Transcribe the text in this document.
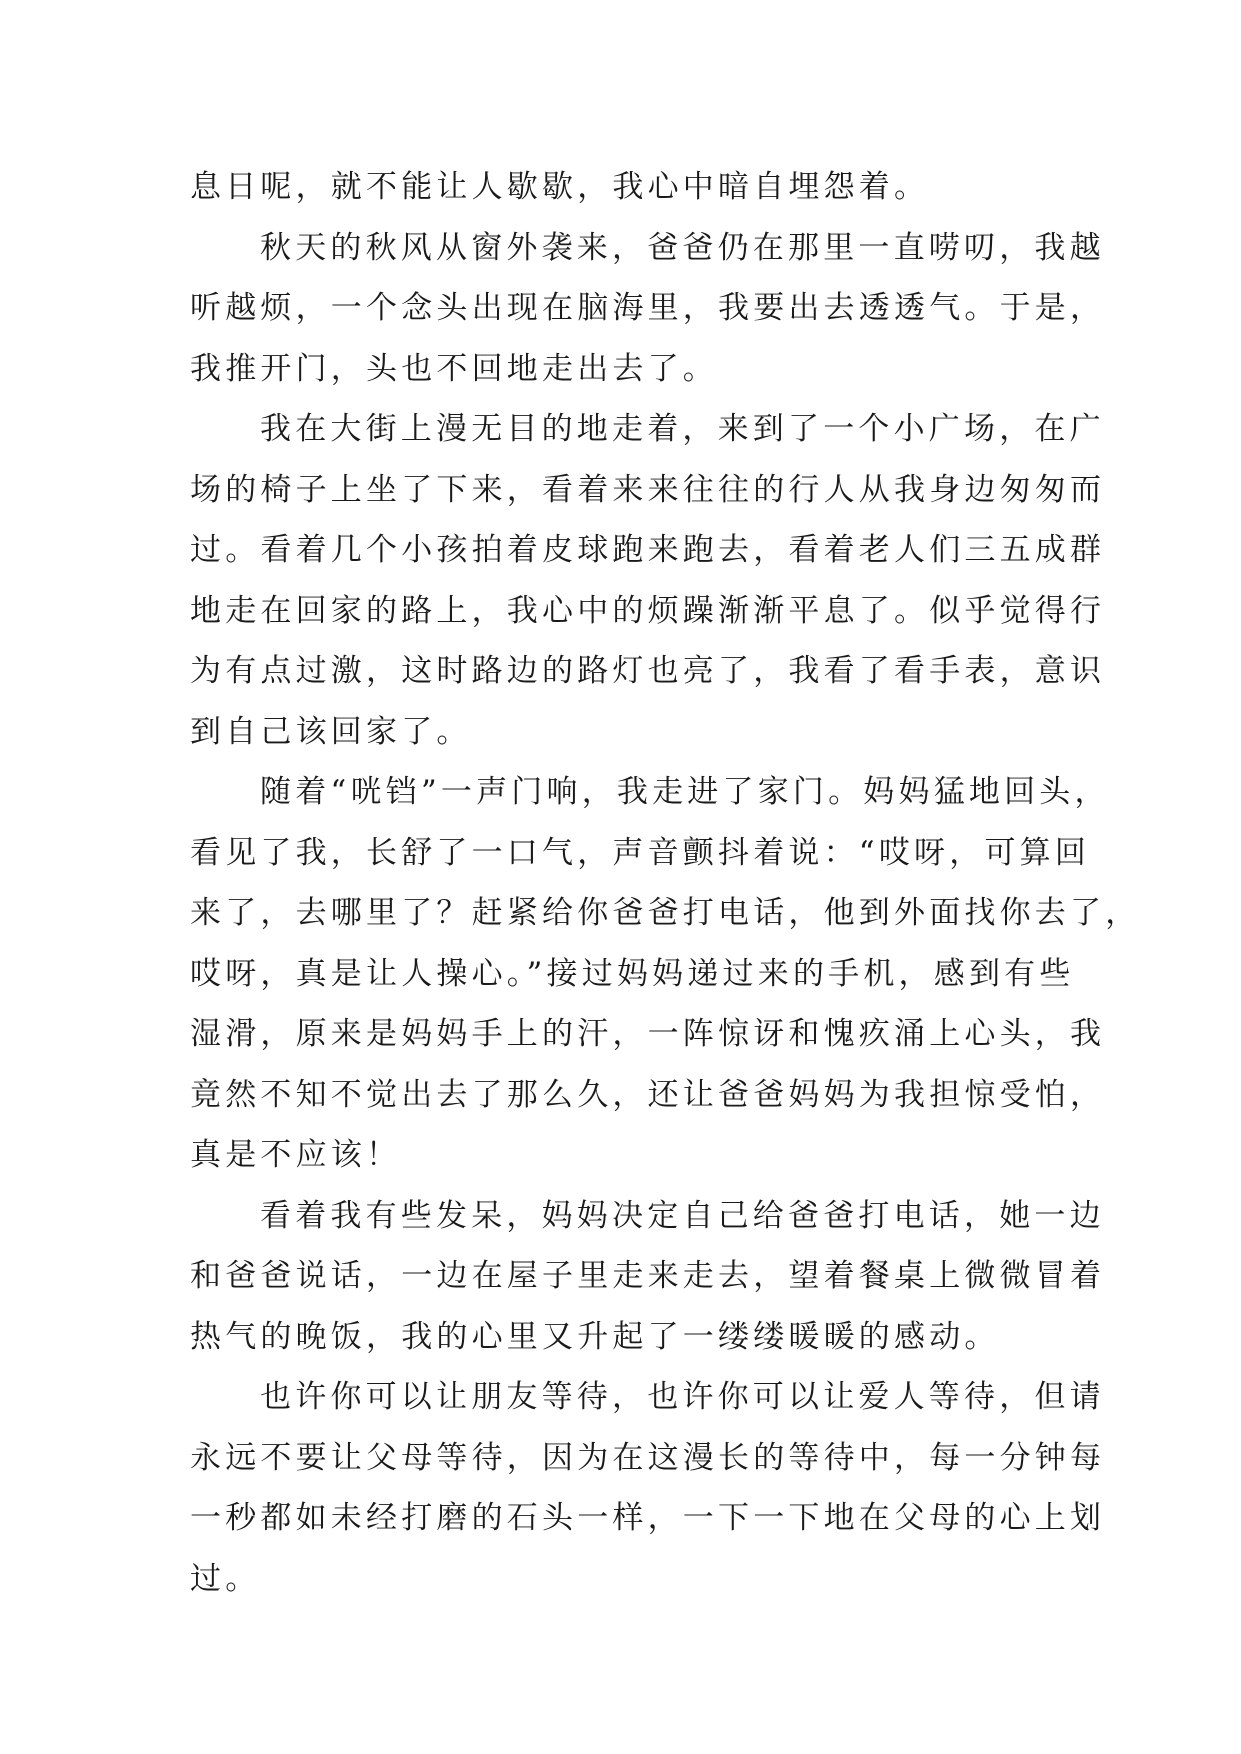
息日呢，就不能让人歇歇，我心中暗自埋怨着。
秋天的秋风从窗外袭来，爸爸仍在那里一直唠叨，我越
听越烦，一个念头出现在脑海里，我要出去透透气。于是，
我推开门，头也不回地走出去了。
我在大街上漫无目的地走着，来到了一个小广场，在广
场的椅子上坐了下来，看着来来往往的行人从我身边匆匆而
过。看着几个小孩拍着皮球跑来跑去，看着老人们三五成群
地走在回家的路上，我心中的烦躁渐渐平息了。似乎觉得行
为有点过激，这时路边的路灯也亮了，我看了看手表，意识
到自己该回家了。
随着“咣铛”一声门响，我走进了家门。妈妈猛地回头，
看见了我，长舒了一口气，声音颤抖着说：“哎呀，可算回
来了，去哪里了？赶紧给你爸爸打电话，他到外面找你去了，
哎呀，真是让人操心。”接过妈妈递过来的手机，感到有些
湿滑，原来是妈妈手上的汗，一阵惊讶和愧疚涌上心头，我
竟然不知不觉出去了那么久，还让爸爸妈妈为我担惊受怕，
真是不应该！
看着我有些发呆，妈妈决定自己给爸爸打电话，她一边
和爸爸说话，一边在屋子里走来走去，望着餐桌上微微冒着
热气的晚饭，我的心里又升起了一缕缕暖暖的感动。
也许你可以让朋友等待，也许你可以让爱人等待，但请
永远不要让父母等待，因为在这漫长的等待中，每一分钟每
一秒都如未经打磨的石头一样，一下一下地在父母的心上划
过。
